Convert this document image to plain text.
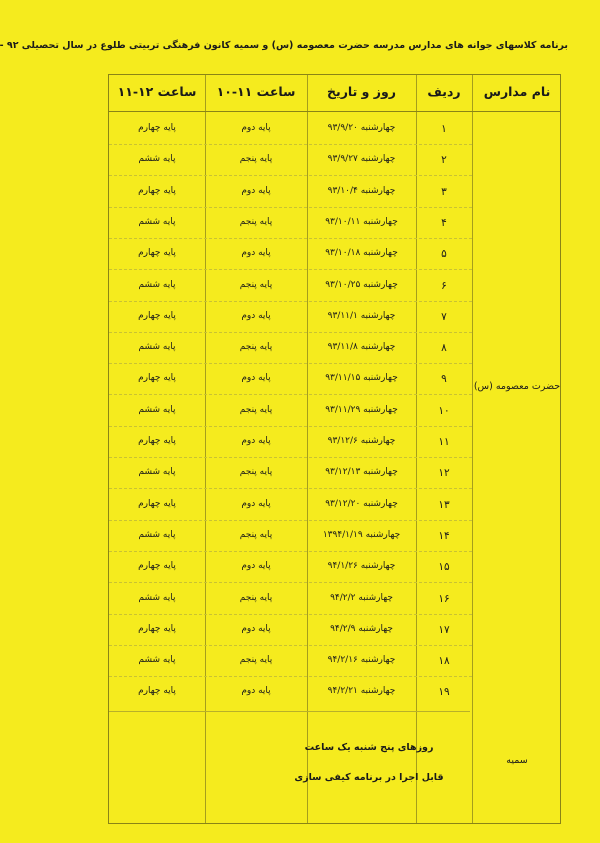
برنامه کلاسهای جوانه های مدارس مدرسه حضرت معصومه (س) و سمیه کانون فرهنگی تربیتی طلوع در سال تحصیلی ۹۲ -
نام مدارس
ردیف
روز و تاریخ
ساعت ۱۱-۱۰
ساعت ۱۲-۱۱
۱
چهارشنبه ۹۳/۹/۲۰
پایه دوم
پایه چهارم
۲
چهارشنبه ۹۳/۹/۲۷
پایه پنجم
پایه ششم
۳
چهارشنبه ۹۳/۱۰/۴
پایه دوم
پایه چهارم
۴
چهارشنبه ۹۳/۱۰/۱۱
پایه پنجم
پایه ششم
۵
چهارشنبه ۹۳/۱۰/۱۸
پایه دوم
پایه چهارم
۶
چهارشنبه ۹۳/۱۰/۲۵
پایه پنجم
پایه ششم
۷
چهارشنبه ۹۳/۱۱/۱
پایه دوم
پایه چهارم
۸
چهارشنبه ۹۳/۱۱/۸
پایه پنجم
پایه ششم
۹
چهارشنبه ۹۳/۱۱/۱۵
پایه دوم
پایه چهارم
۱۰
چهارشنبه ۹۳/۱۱/۲۹
پایه پنجم
پایه ششم
۱۱
چهارشنبه ۹۳/۱۲/۶
پایه دوم
پایه چهارم
۱۲
چهارشنبه ۹۳/۱۲/۱۳
پایه پنجم
پایه ششم
۱۳
چهارشنبه ۹۳/۱۲/۲۰
پایه دوم
پایه چهارم
۱۴
چهارشنبه ۱۳۹۴/۱/۱۹
پایه پنجم
پایه ششم
۱۵
چهارشنبه ۹۴/۱/۲۶
پایه دوم
پایه چهارم
۱۶
چهارشنبه ۹۴/۲/۲
پایه پنجم
پایه ششم
۱۷
چهارشنبه ۹۴/۲/۹
پایه دوم
پایه چهارم
۱۸
چهارشنبه ۹۴/۲/۱۶
پایه پنجم
پایه ششم
۱۹
چهارشنبه ۹۴/۲/۲۱
پایه دوم
پایه چهارم
حضرت معصومه (س)
سمیه
روزهای پنج شنبه یک ساعت
قابل اجرا در برنامه کیفی سازی
